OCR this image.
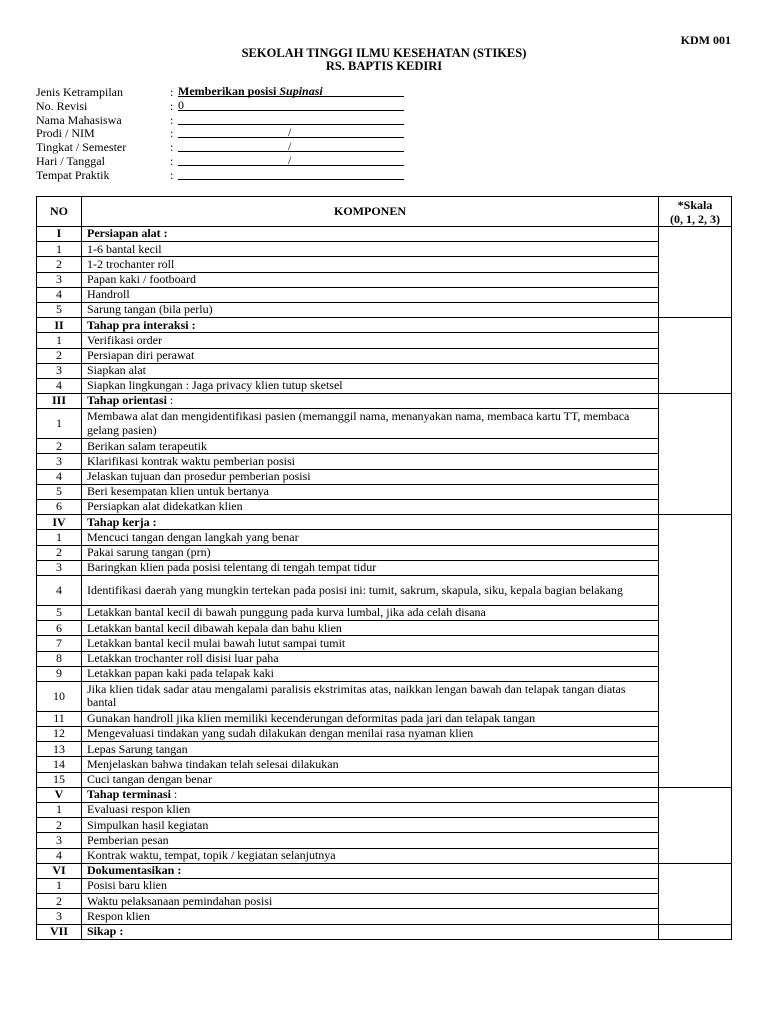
KDM 001
SEKOLAH TINGGI ILMU KESEHATAN (STIKES)
RS. BAPTIS KEDIRI
Jenis Ketrampilan	: Memberikan posisi Supinasi
No. Revisi	: 0
Nama Mahasiswa	:
Prodi / NIM	:	/
Tingkat / Semester	:	/
Hari / Tanggal	:	/
Tempat Praktik	:
NO	KOMPONEN	*Skala
(0, 1, 2, 3)

I	Persiapan alat :	
1	1-6 bantal kecil	
2	1-2 trochanter roll	
3	Papan kaki / footboard	
4	Handroll	
5	Sarung tangan (bila perlu)	
II	Tahap pra interaksi :	
1	Verifikasi order	
2	Persiapan diri perawat	
3	Siapkan alat	
4	Siapkan lingkungan : Jaga privacy klien tutup sketsel	
III	Tahap orientasi :	
1	Membawa alat dan mengidentifikasi pasien (memanggil nama, menanyakan nama, membaca kartu TT, membaca gelang pasien)	
2	Berikan salam terapeutik	
3	Klarifikasi kontrak waktu pemberian posisi	
4	Jelaskan tujuan dan prosedur pemberian posisi	
5	Beri kesempatan klien untuk bertanya	
6	Persiapkan alat didekatkan klien	
IV	Tahap kerja :	
1	Mencuci tangan dengan langkah yang benar	
2	Pakai sarung tangan (prn)	
3	Baringkan klien pada posisi telentang di tengah tempat tidur	
4	Identifikasi daerah yang mungkin tertekan pada posisi ini: tumit, sakrum, skapula, siku, kepala bagian belakang	
5	Letakkan bantal kecil di bawah punggung pada kurva lumbal, jika ada celah disana	
6	Letakkan bantal kecil dibawah kepala dan bahu klien	
7	Letakkan bantal kecil mulai bawah lutut sampai tumit	
8	Letakkan trochanter roll disisi luar paha	
9	Letakkan papan kaki pada telapak kaki	
10	Jika klien tidak sadar atau mengalami paralisis ekstrimitas atas, naikkan lengan bawah dan telapak tangan diatas bantal	
11	Gunakan handroll jika klien memiliki kecenderungan deformitas pada jari dan telapak tangan	
12	Mengevaluasi tindakan yang sudah dilakukan dengan menilai rasa nyaman klien	
13	Lepas Sarung tangan	
14	Menjelaskan bahwa tindakan telah selesai dilakukan	
15	Cuci tangan dengan benar	
V	Tahap terminasi :	
1	Evaluasi respon klien	
2	Simpulkan hasil kegiatan	
3	Pemberian pesan	
4	Kontrak waktu, tempat, topik / kegiatan selanjutnya	
VI	Dokumentasikan :	
1	Posisi baru klien	
2	Waktu pelaksanaan pemindahan posisi	
3	Respon klien	
VII	Sikap :	
